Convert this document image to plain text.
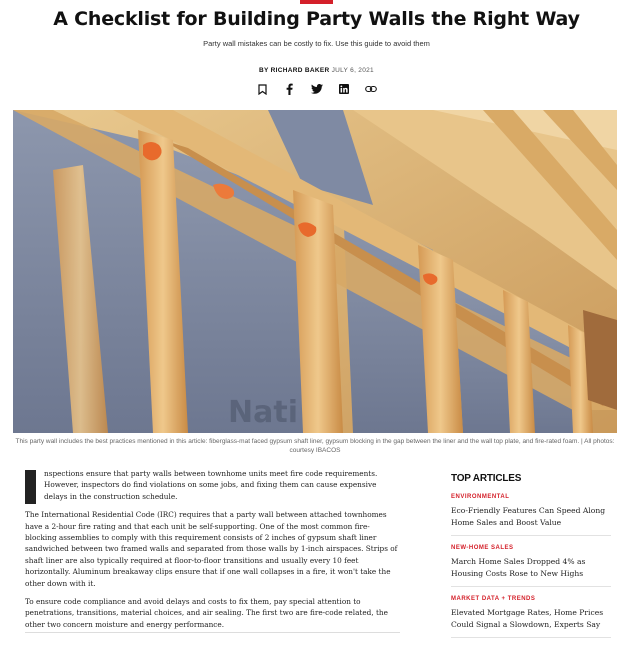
A Checklist for Building Party Walls the Right Way
Party wall mistakes can be costly to fix. Use this guide to avoid them
BY RICHARD BAKER JULY 6, 2021
Nati
This party wall includes the best practices mentioned in this article: fiberglass-mat faced gypsum shaft liner, gypsum blocking in the gap between the liner and the wall top plate, and fire-rated foam. | All photos: courtesy IBACOS

nspections ensure that party walls between townhome units meet fire code requirements. However, inspectors do find violations on some jobs, and fixing them can cause expensive delays in the construction schedule.

The International Residential Code (IRC) requires that a party wall between attached townhomes have a 2-hour fire rating and that each unit be self-supporting. One of the most common fire-blocking assemblies to comply with this requirement consists of 2 inches of gypsum shaft liner sandwiched between two framed walls and separated from those walls by 1-inch airspaces. Strips of shaft liner are also typically required at floor-to-floor transitions and usually every 10 feet horizontally. Aluminum breakaway clips ensure that if one wall collapses in a fire, it won't take the other down with it.

To ensure code compliance and avoid delays and costs to fix them, pay special attention to penetrations, transitions, material choices, and air sealing. The first two are fire-code related, the other two concern moisture and energy performance.

TOP ARTICLES
ENVIRONMENTAL
Eco-Friendly Features Can Speed Along Home Sales and Boost Value
NEW-HOME SALES
March Home Sales Dropped 4% as Housing Costs Rose to New Highs
MARKET DATA + TRENDS
Elevated Mortgage Rates, Home Prices Could Signal a Slowdown, Experts Say
